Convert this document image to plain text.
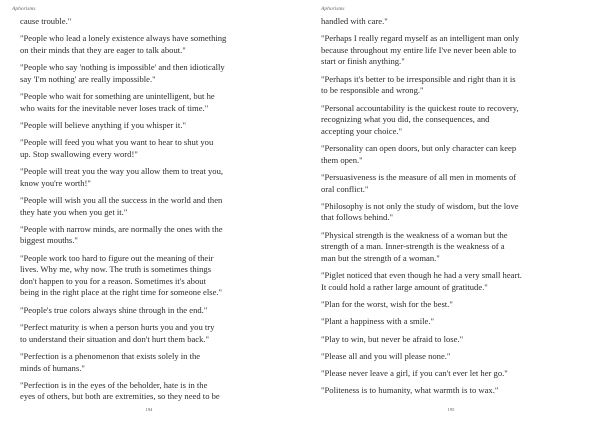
Aphorisms
cause trouble."
"People who lead a lonely existence always have something
on their minds that they are eager to talk about."
"People who say 'nothing is impossible' and then idiotically
say 'I'm nothing' are really impossible."
"People who wait for something are unintelligent, but he
who waits for the inevitable never loses track of time."
"People will believe anything if you whisper it."
"People will feed you what you want to hear to shut you
up. Stop swallowing every word!"
"People will treat you the way you allow them to treat you,
know you're worth!"
"People will wish you all the success in the world and then
they hate you when you get it."
"People with narrow minds, are normally the ones with the
biggest mouths."
"People work too hard to figure out the meaning of their
lives. Why me, why now. The truth is sometimes things
don't happen to you for a reason. Sometimes it's about
being in the right place at the right time for someone else."
"People's true colors always shine through in the end."
"Perfect maturity is when a person hurts you and you try
to understand their situation and don't hurt them back."
"Perfection is a phenomenon that exists solely in the
minds of humans."
"Perfection is in the eyes of the beholder, hate is in the
eyes of others, but both are extremities, so they need to be
194
Aphorisms
handled with care."
"Perhaps I really regard myself as an intelligent man only
because throughout my entire life I've never been able to
start or finish anything."
"Perhaps it's better to be irresponsible and right than it is
to be responsible and wrong."
"Personal accountability is the quickest route to recovery,
recognizing what you did, the consequences, and
accepting your choice."
"Personality can open doors, but only character can keep
them open."
"Persuasiveness is the measure of all men in moments of
oral conflict."
"Philosophy is not only the study of wisdom, but the love
that follows behind."
"Physical strength is the weakness of a woman but the
strength of a man. Inner-strength is the weakness of a
man but the strength of a woman."
"Piglet noticed that even though he had a very small heart.
It could hold a rather large amount of gratitude."
"Plan for the worst, wish for the best."
"Plant a happiness with a smile."
"Play to win, but never be afraid to lose."
"Please all and you will please none."
"Please never leave a girl, if you can't ever let her go."
"Politeness is to humanity, what warmth is to wax."
195
